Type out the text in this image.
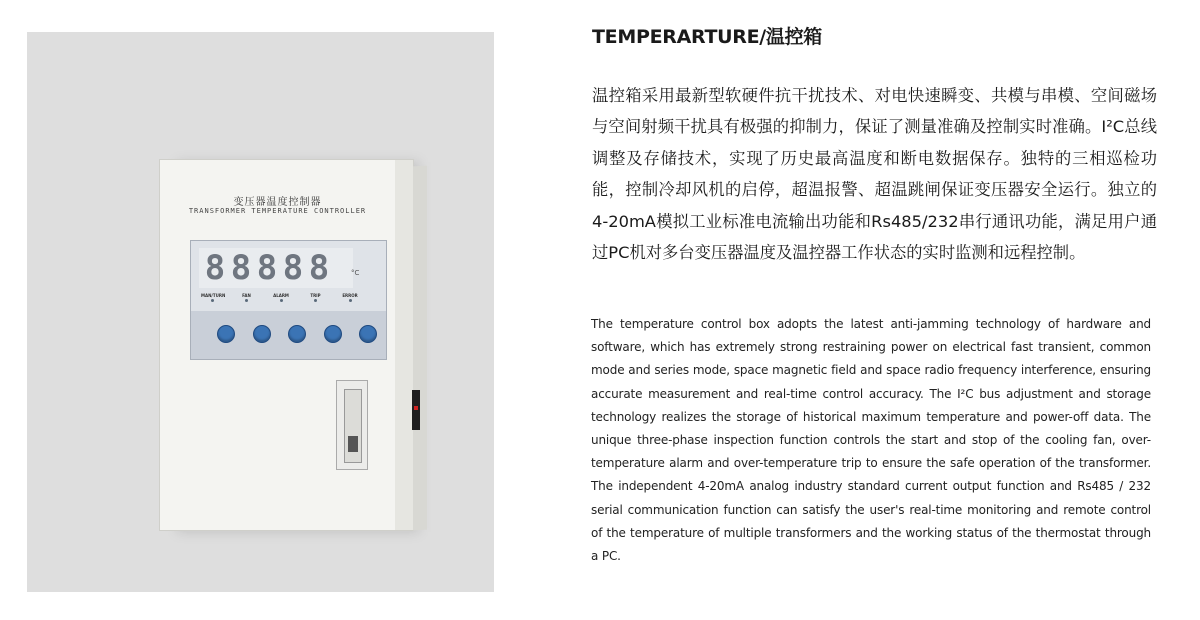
变压器温度控制器
TRANSFORMER TEMPERATURE CONTROLLER
8 8 8 8 8	°C
MAN/TURN	FAN	ALARM	TRIP	ERROR
TEMPERARTURE/温控箱

温控箱采用最新型软硬件抗干扰技术、对电快速瞬变、共模与串模、空间磁场与空间射频干扰具有极强的抑制力，保证了测量准确及控制实时准确。I²C总线调整及存储技术，实现了历史最高温度和断电数据保存。独特的三相巡检功能，控制冷却风机的启停，超温报警、超温跳闸保证变压器安全运行。独立的4-20mA模拟工业标准电流输出功能和Rs485/232串行通讯功能，满足用户通过PC机对多台变压器温度及温控器工作状态的实时监测和远程控制。

The temperature control box adopts the latest anti-jamming technology of hardware and software, which has extremely strong restraining power on electrical fast transient, common mode and series mode, space magnetic field and space radio frequency interference, ensuring accurate measurement and real-time control accuracy. The I²C bus adjustment and storage technology realizes the storage of historical maximum temperature and power-off data. The unique three-phase inspection function controls the start and stop of the cooling fan, over-temperature alarm and over-temperature trip to ensure the safe operation of the transformer. The independent 4-20mA analog industry standard current output function and Rs485 / 232 serial communication function can satisfy the user's real-time monitoring and remote control of the temperature of multiple transformers and the working status of the thermostat through a PC.
